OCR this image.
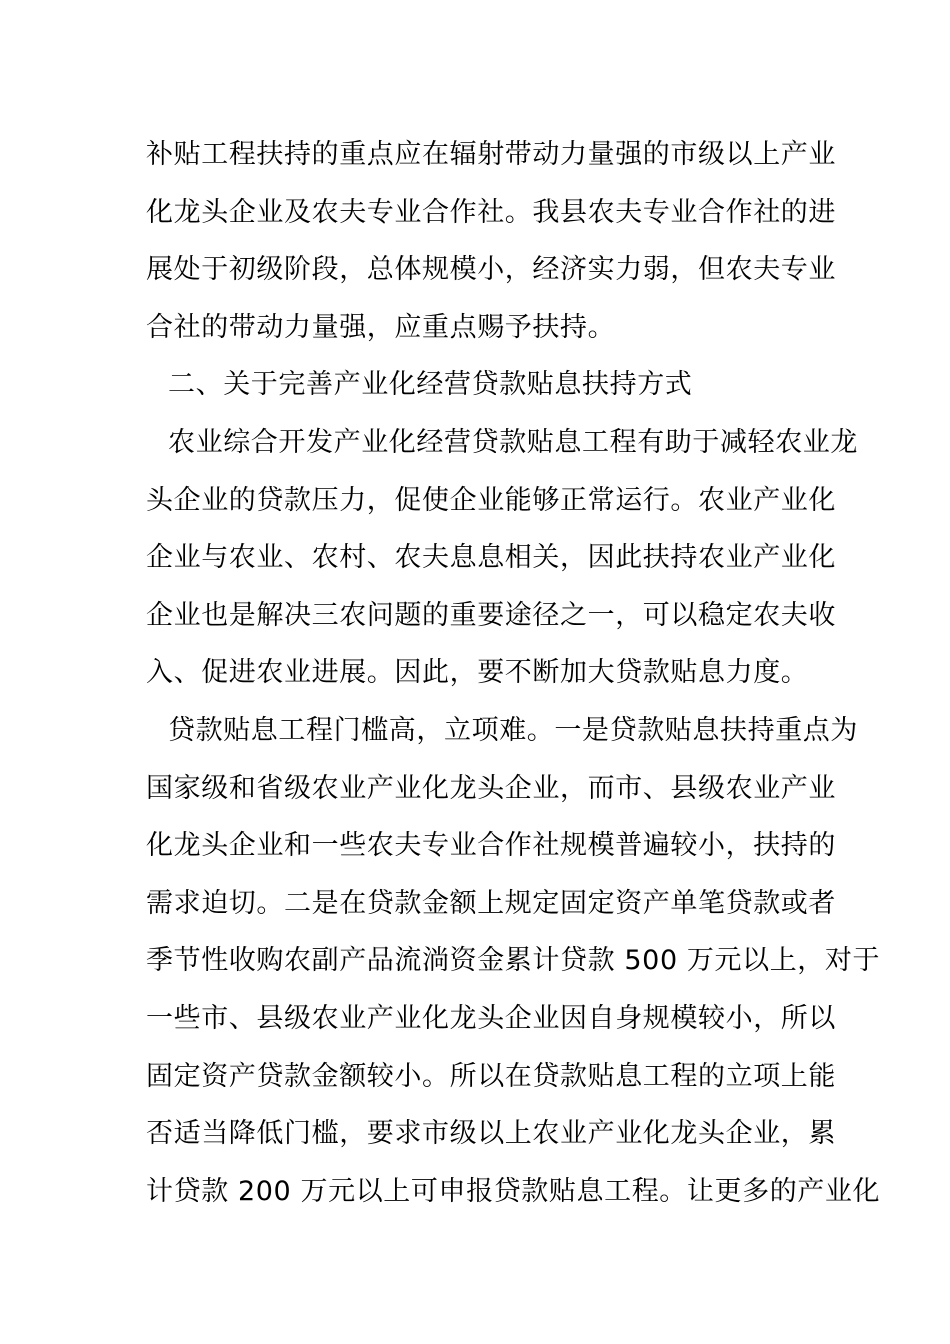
补贴工程扶持的重点应在辐射带动力量强的市级以上产业
化龙头企业及农夫专业合作社。我县农夫专业合作社的进
展处于初级阶段，总体规模小，经济实力弱，但农夫专业
合社的带动力量强，应重点赐予扶持。
二、关于完善产业化经营贷款贴息扶持方式
农业综合开发产业化经营贷款贴息工程有助于减轻农业龙
头企业的贷款压力，促使企业能够正常运行。农业产业化
企业与农业、农村、农夫息息相关，因此扶持农业产业化
企业也是解决三农问题的重要途径之一，可以稳定农夫收
入、促进农业进展。因此，要不断加大贷款贴息力度。
贷款贴息工程门槛高，立项难。一是贷款贴息扶持重点为
国家级和省级农业产业化龙头企业，而市、县级农业产业
化龙头企业和一些农夫专业合作社规模普遍较小，扶持的
需求迫切。二是在贷款金额上规定固定资产单笔贷款或者
季节性收购农副产品流淌资金累计贷款 500 万元以上，对于
一些市、县级农业产业化龙头企业因自身规模较小，所以
固定资产贷款金额较小。所以在贷款贴息工程的立项上能
否适当降低门槛，要求市级以上农业产业化龙头企业，累
计贷款 200 万元以上可申报贷款贴息工程。让更多的产业化
